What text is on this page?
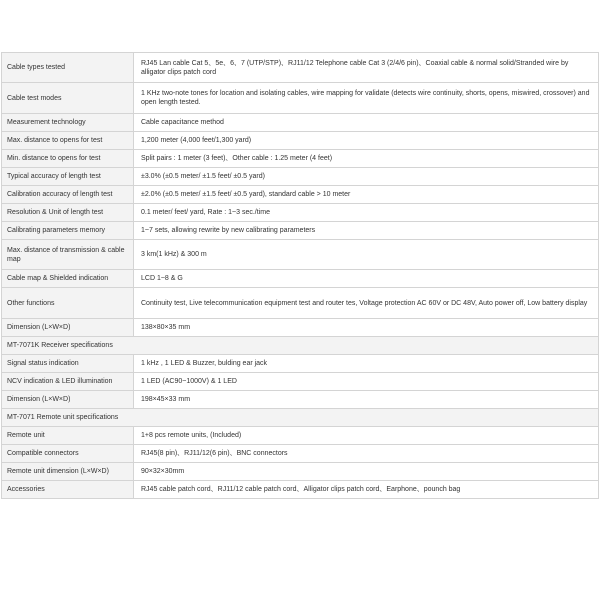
Cable types tested	RJ45 Lan cable Cat 5、5e、6、7 (UTP/STP)、RJ11/12 Telephone cable Cat 3 (2/4/6 pin)、Coaxial cable & normal solid/Stranded wire by alligator clips patch cord
Cable test modes	1 KHz two-note tones for location and isolating cables, wire mapping for validate (detects wire continuity, shorts, opens, miswired, crossover) and open length tested.
Measurement technology	Cable capacitance method
Max. distance to opens for test	1,200 meter (4,000 feet/1,300 yard)
Min. distance to opens for test	Split pairs : 1 meter (3 feet)、Other cable : 1.25 meter (4 feet)
Typical accuracy of length test	±3.0% (±0.5 meter/ ±1.5 feet/ ±0.5 yard)
Calibration accuracy of length test	±2.0% (±0.5 meter/ ±1.5 feet/ ±0.5 yard), standard cable > 10 meter
Resolution & Unit of length test	0.1 meter/ feet/ yard, Rate : 1~3 sec./time
Calibrating parameters memory	1~7 sets, allowing rewrite by new calibrating parameters
Max. distance of transmission & cable map	3 km(1 kHz) & 300 m
Cable map & Shielded indication	LCD 1~8 & G
Other functions	Continuity test, Live telecommunication equipment test and router tes, Voltage protection AC 60V or DC 48V, Auto power off, Low battery display
Dimension (L×W×D)	138×80×35 mm
MT-7071K Receiver specifications	
Signal status indication	1 kHz , 1 LED & Buzzer, bulding ear jack
NCV indication & LED illumination	1 LED (AC90~1000V) & 1 LED
Dimension (L×W×D)	198×45×33 mm
MT-7071 Remote unit specifications	
Remote unit	1+8 pcs remote units, (Included)
Compatible connectors	RJ45(8 pin)、RJ11/12(6 pin)、BNC connectors
Remote unit dimension (L×W×D)	90×32×30mm
Accessories	RJ45 cable patch cord、RJ11/12 cable patch cord、Alligator clips patch cord、Earphone、pounch bag
